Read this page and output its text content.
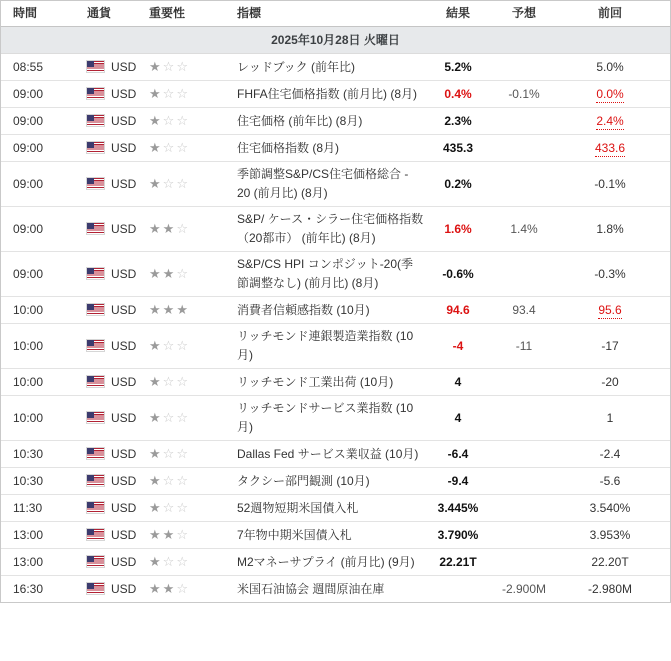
時間	通貨	重要性	指標	結果	予想	前回
2025年10月28日 火曜日						
08:55	USD	★☆☆	レッドブック (前年比)	5.2%		5.0%
09:00	USD	★☆☆	FHFA住宅価格指数 (前月比) (8月)	0.4%	-0.1%	0.0%
09:00	USD	★☆☆	住宅価格 (前年比) (8月)	2.3%		2.4%
09:00	USD	★☆☆	住宅価格指数 (8月)	435.3		433.6
09:00	USD	★☆☆	季節調整S&P/CS住宅価格総合 - 20 (前月比) (8月)	0.2%		-0.1%
09:00	USD	★★☆	S&P/ ケース・シラー住宅価格指数（20都市） (前年比) (8月)	1.6%	1.4%	1.8%
09:00	USD	★★☆	S&P/CS HPI コンポジット-20(季節調整なし) (前月比) (8月)	-0.6%		-0.3%
10:00	USD	★★★	消費者信頼感指数 (10月)	94.6	93.4	95.6
10:00	USD	★☆☆	リッチモンド連銀製造業指数 (10月)	-4	-11	-17
10:00	USD	★☆☆	リッチモンド工業出荷 (10月)	4		-20
10:00	USD	★☆☆	リッチモンドサービス業指数 (10月)	4		1
10:30	USD	★☆☆	Dallas Fed サービス業収益 (10月)	-6.4		-2.4
10:30	USD	★☆☆	タクシー部門観測 (10月)	-9.4		-5.6
11:30	USD	★☆☆	52週物短期米国債入札	3.445%		3.540%
13:00	USD	★★☆	7年物中期米国債入札	3.790%		3.953%
13:00	USD	★☆☆	M2マネーサプライ (前月比) (9月)	22.21T		22.20T
16:30	USD	★★☆	米国石油協会 週間原油在庫		-2.900M	-2.980M
